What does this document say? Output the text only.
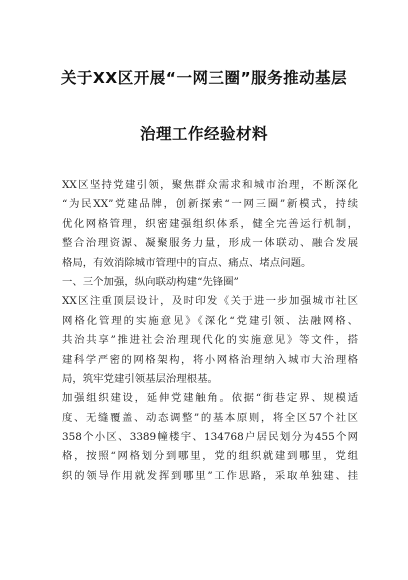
关于XX区开展“一网三圈”服务推动基层
治理工作经验材料
XX区坚持党建引领，聚焦群众需求和城市治理，不断深化
“为民XX”党建品牌，创新探索“一网三圈”新模式，持续
优化网格管理，织密建强组织体系，健全完善运行机制，
整合治理资源、凝聚服务力量，形成一体联动、融合发展
格局，有效消除城市管理中的盲点、痛点、堵点问题。
一、三个加强，纵向联动构建“先锋圈”
XX区注重顶层设计，及时印发《关于进一步加强城市社区
网格化管理的实施意见》《深化“党建引领、法融网格、
共治共享”推进社会治理现代化的实施意见》等文件，搭
建科学严密的网格架构，将小网格治理纳入城市大治理格
局，筑牢党建引领基层治理根基。
加强组织建设，延伸党建触角。依据“街巷定界、规模适
度、无缝覆盖、动态调整”的基本原则，将全区57个社区
358个小区、3389幢楼宇、134768户居民划分为455个网
格，按照“网格划分到哪里，党的组织就建到哪里，党组
织的领导作用就发挥到哪里”工作思路，采取单独建、挂
